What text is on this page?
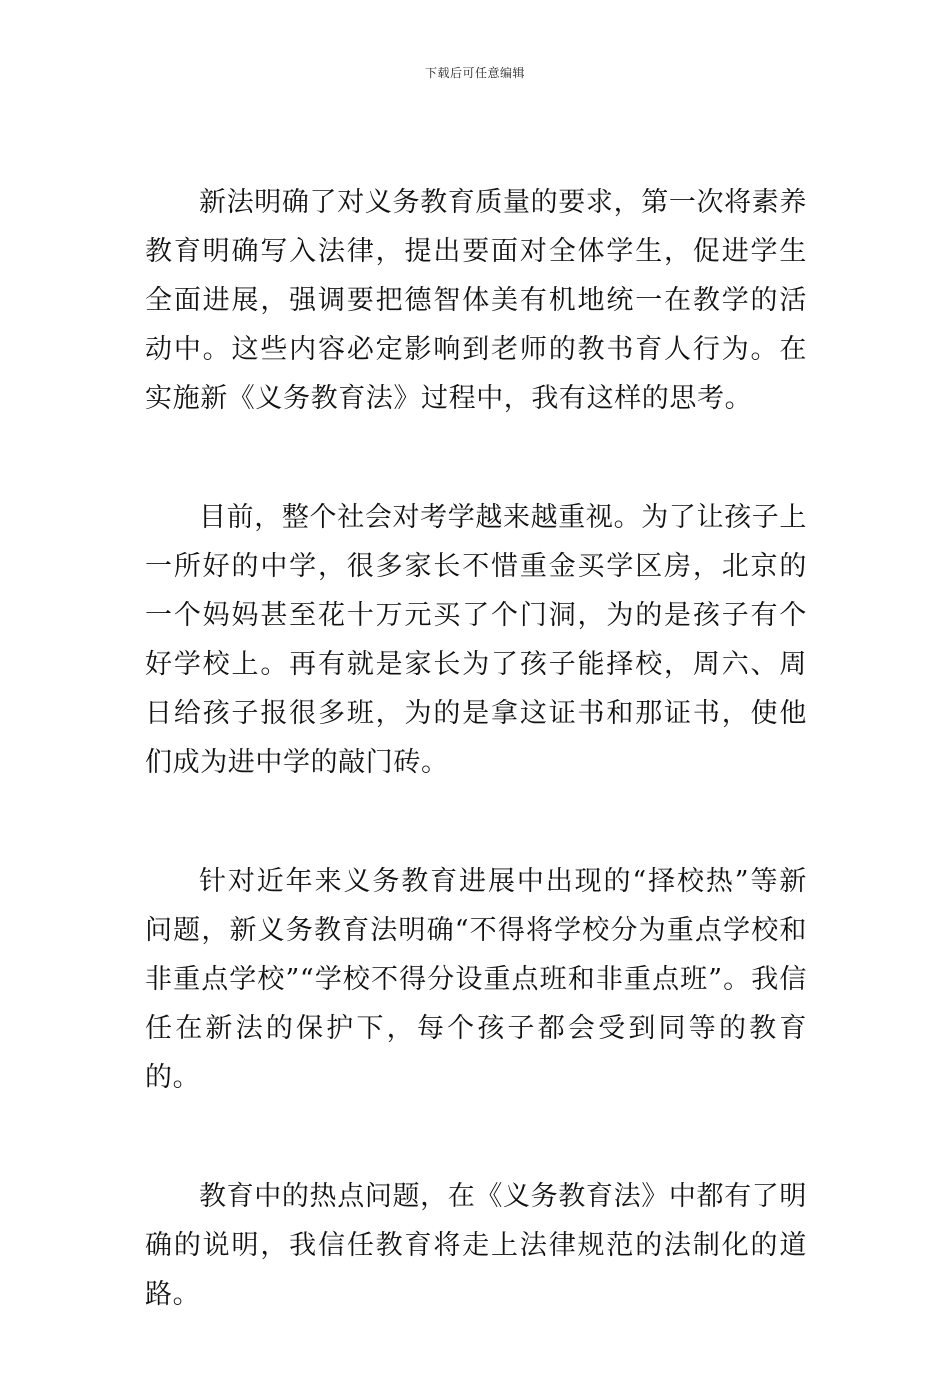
下载后可任意编辑

新法明确了对义务教育质量的要求，第一次将素养教育明确写入法律，提出要面对全体学生，促进学生全面进展，强调要把德智体美有机地统一在教学的活动中。这些内容必定影响到老师的教书育人行为。在实施新《义务教育法》过程中，我有这样的思考。

目前，整个社会对考学越来越重视。为了让孩子上一所好的中学，很多家长不惜重金买学区房，北京的一个妈妈甚至花十万元买了个门洞，为的是孩子有个好学校上。再有就是家长为了孩子能择校，周六、周日给孩子报很多班，为的是拿这证书和那证书，使他们成为进中学的敲门砖。

针对近年来义务教育进展中出现的“择校热”等新问题，新义务教育法明确“不得将学校分为重点学校和非重点学校”“学校不得分设重点班和非重点班”。我信任在新法的保护下，每个孩子都会受到同等的教育的。

教育中的热点问题，在《义务教育法》中都有了明确的说明，我信任教育将走上法律规范的法制化的道路。
